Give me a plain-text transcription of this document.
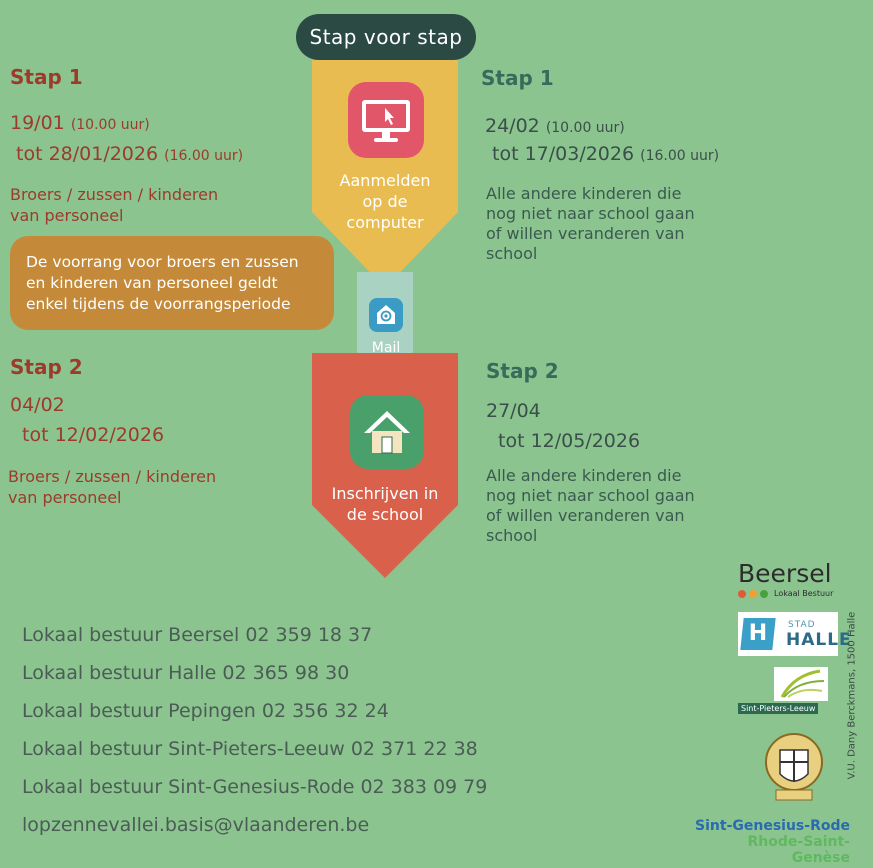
Stap voor stap
Aanmelden
op de
computer
Mail
Inschrijven in
de school
Stap 1
19/01 (10.00 uur)
tot 28/01/2026 (16.00 uur)
Broers / zussen / kinderen
van personeel
De voorrang voor broers en zussen
en kinderen van personeel geldt
enkel tijdens de voorrangsperiode
Stap 2
04/02
tot 12/02/2026
Broers / zussen / kinderen
van personeel
Stap 1
24/02 (10.00 uur)
tot 17/03/2026 (16.00 uur)
Alle andere kinderen die
nog niet naar school gaan
of willen veranderen van
school
Stap 2
27/04
tot 12/05/2026
Alle andere kinderen die
nog niet naar school gaan
of willen veranderen van
school
Lokaal bestuur Beersel 02 359 18 37
Lokaal bestuur Halle 02 365 98 30
Lokaal bestuur Pepingen 02 356 32 24
Lokaal bestuur Sint-Pieters-Leeuw 02 371 22 38
Lokaal bestuur Sint-Genesius-Rode 02 383 09 79
lopzennevallei.basis@vlaanderen.be
Beersel
Lokaal Bestuur
H	STAD
HALLE
Sint-Pieters-Leeuw
Sint-Genesius-Rode
Rhode-Saint-Genèse
V.U. Dany Berckmans, 1500 Halle
